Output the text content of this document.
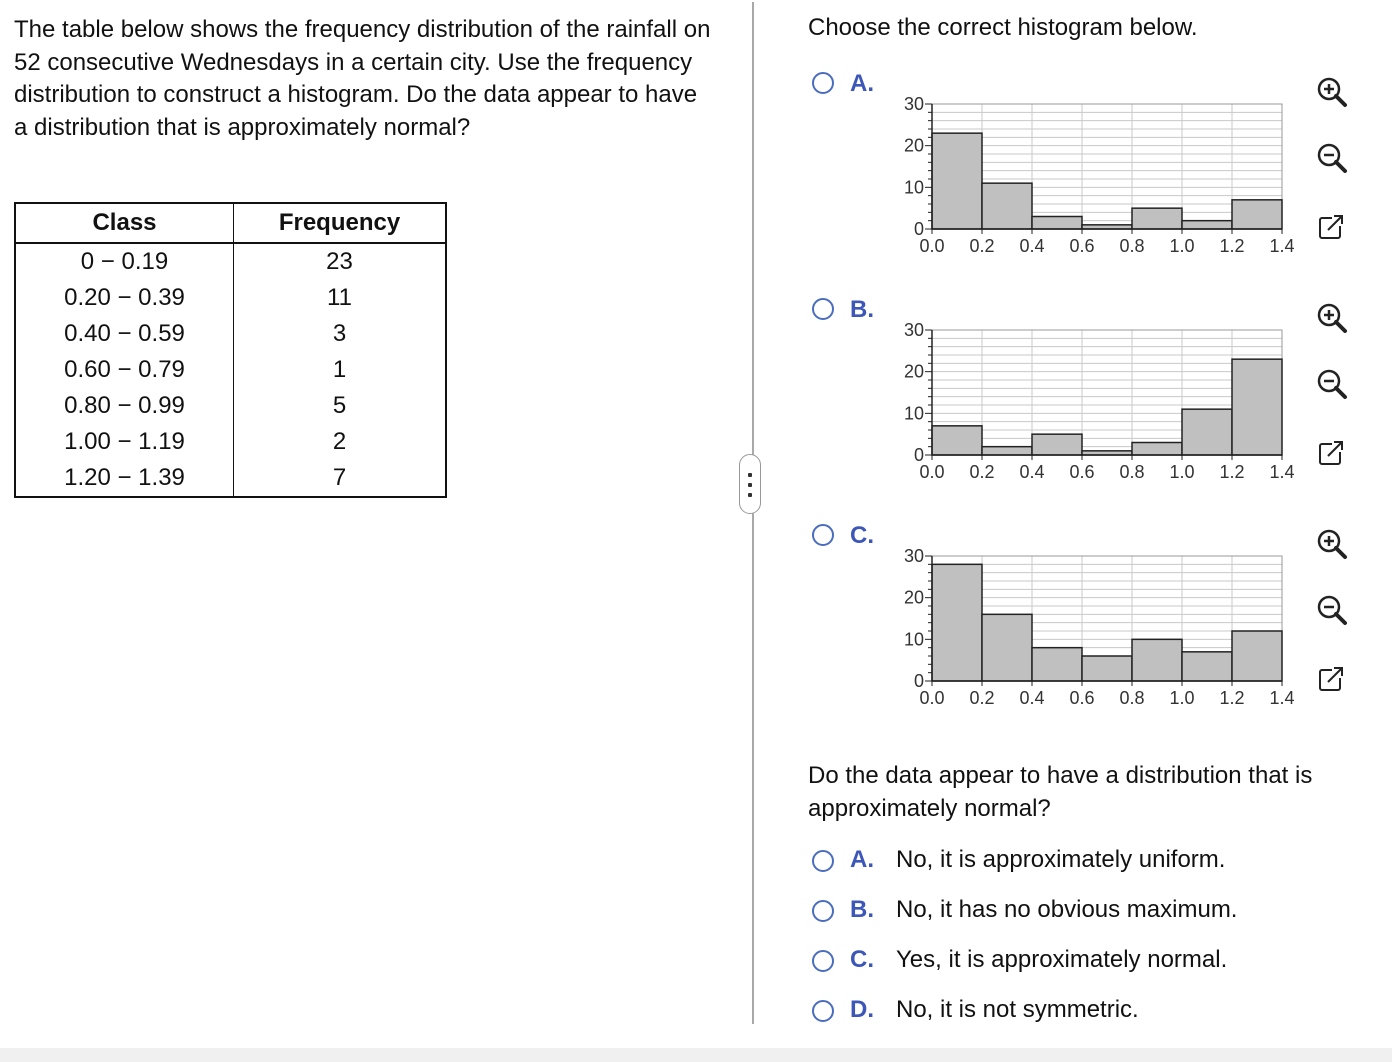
The table below shows the frequency distribution of the rainfall on 52 consecutive Wednesdays in a certain city. Use the frequency distribution to construct a histogram. Do the data appear to have a distribution that is approximately normal?

Class	Frequency
0 − 0.19	23
0.20 − 0.39	11
0.40 − 0.59	3
0.60 − 0.79	1
0.80 − 0.99	5
1.00 − 1.19	2
1.20 − 1.39	7

Choose the correct histogram below.

A.
0
10
20
30
0.0 0.2 0.4 0.6 0.8 1.0 1.2 1.4
B.
0
10
20
30
0.0 0.2 0.4 0.6 0.8 1.0 1.2 1.4
C.
0
10
20
30
0.0 0.2 0.4 0.6 0.8 1.0 1.2 1.4

Do the data appear to have a distribution that is approximately normal?

A. No, it is approximately uniform.
B. No, it has no obvious maximum.
C. Yes, it is approximately normal.
D. No, it is not symmetric.
